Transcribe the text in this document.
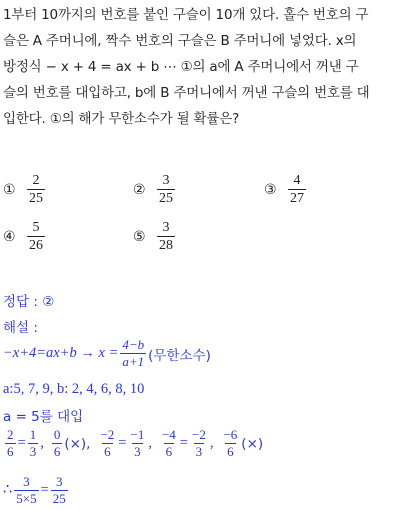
1부터 10까지의 번호를 붙인 구슬이 10개 있다. 홀수 번호의 구
슬은 A 주머니에, 짝수 번호의 구슬은 B 주머니에 넣었다. x의
방정식 − x + 4 = ax + b ⋯ ①의 a에 A 주머니에서 꺼낸 구
슬의 번호를 대입하고, b에 B 주머니에서 꺼낸 구슬의 번호를 대
입한다. ①의 해가 무한소수가 될 확률은?
① $\frac{2}{25}$	② $\frac{3}{25}$	③ $\frac{4}{27}$
④ $\frac{5}{26}$	⑤ $\frac{3}{28}$
정답 : ②
해설 :
$-x+4=ax+b \to x = \frac{4-b}{a+1}$ (무한소수)
a:5, 7, 9, b: 2, 4, 6, 8, 10
a = 5를 대입
$\frac{2}{6} = \frac{1}{3}$ , $\frac{0}{6}$ (×), $\frac{-2}{6} = \frac{-1}{3}$ , $\frac{-4}{6} = \frac{-2}{3}$ , $\frac{-6}{6}$ (×)
∴ $\frac{3}{5\times 5} = \frac{3}{25}$
